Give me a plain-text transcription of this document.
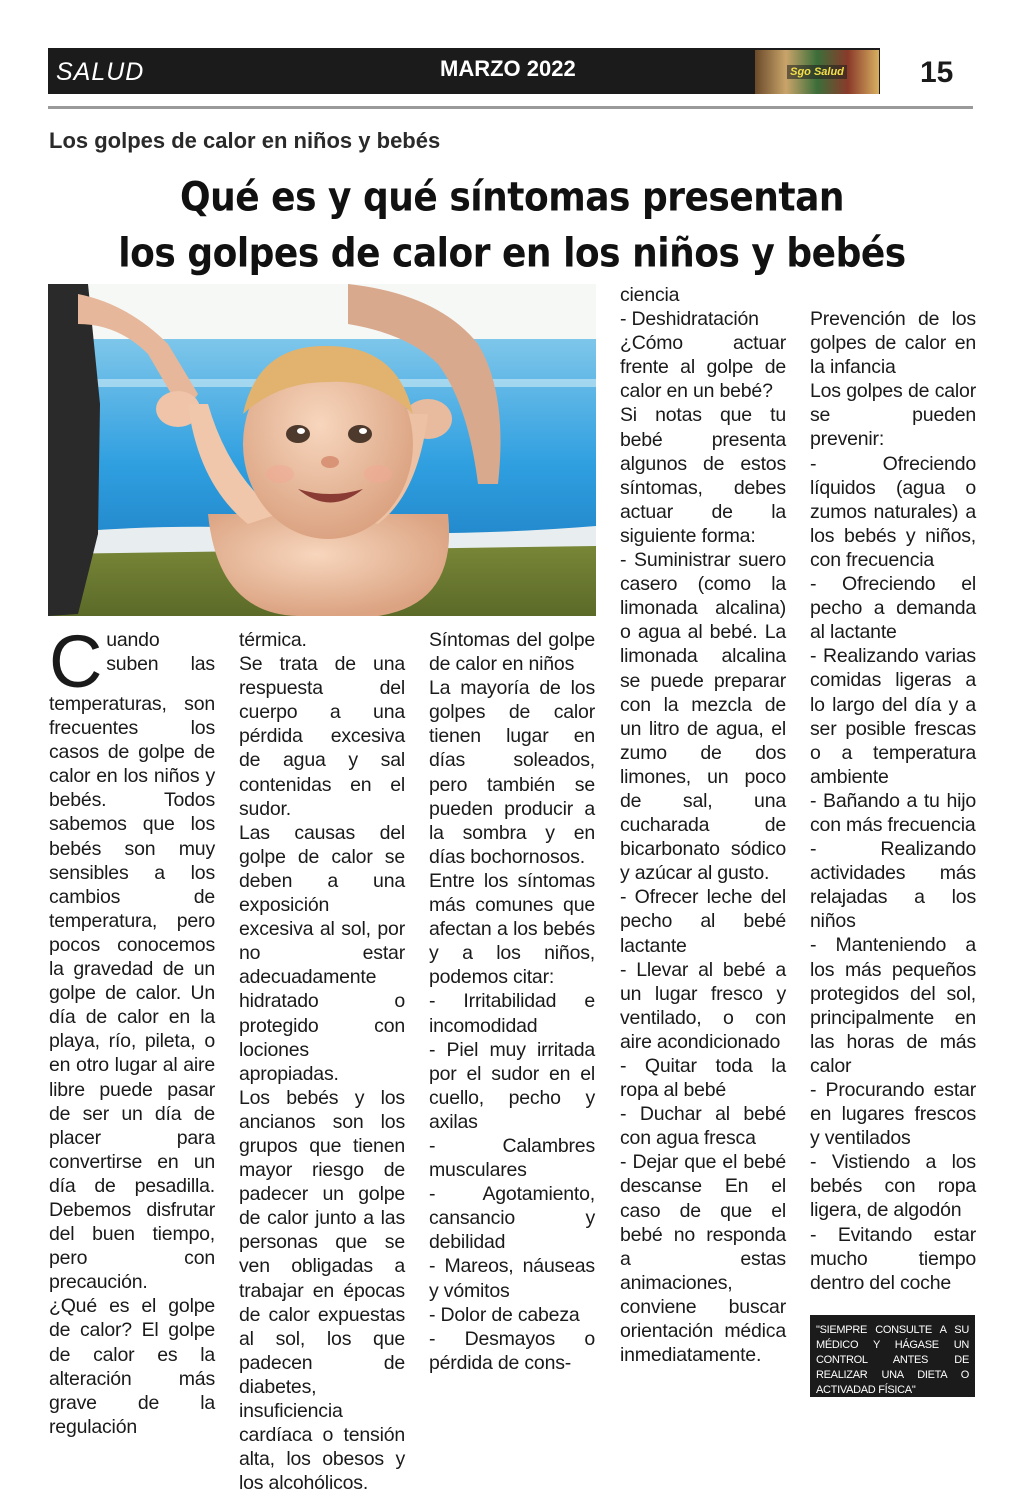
SALUD	MARZO 2022	Sgo Salud	15
Los golpes de calor en niños y bebés
Qué es y qué síntomas presentan
los golpes de calor en los niños y bebés
C uando suben las temperaturas, son frecuentes los casos de golpe de calor en los niños y bebés. Todos sabemos que los bebés son muy sensibles a los cambios de temperatura, pero pocos conocemos la gravedad de un golpe de calor. Un día de calor en la playa, río, pileta, o en otro lugar al aire libre puede pasar de ser un día de placer para convertirse en un día de pesadilla. Debemos disfrutar del buen tiempo, pero con precaución.

¿Qué es el golpe de calor? El golpe de calor es la alteración más grave de la regulación

térmica.

Se trata de una respuesta del cuerpo a una pérdida excesiva de agua y sal contenidas en el sudor.

Las causas del golpe de calor se deben a una exposición excesiva al sol, por no estar adecuadamente hidratado o protegido con lociones apropiadas.

Los bebés y los ancianos son los grupos que tienen mayor riesgo de padecer un golpe de calor junto a las personas que se ven obligadas a trabajar en épocas de calor expuestas al sol, los que padecen de diabetes, insuficiencia cardíaca o tensión alta, los obesos y los alcohólicos.

Síntomas del golpe de calor en niños

La mayoría de los golpes de calor tienen lugar en días soleados, pero también se pueden producir a la sombra y en días bochornosos.

Entre los síntomas más comunes que afectan a los bebés y a los niños, podemos citar:

- Irritabilidad e incomodidad

- Piel muy irritada por el sudor en el cuello, pecho y axilas

- Calambres musculares

- Agotamiento, cansancio y debilidad

- Mareos, náuseas y vómitos

- Dolor de cabeza

- Desmayos o pérdida de cons-

ciencia

- Deshidratación

¿Cómo actuar frente al golpe de calor en un bebé?

Si notas que tu bebé presenta algunos de estos síntomas, debes actuar de la siguiente forma:

- Suministrar suero casero (como la limonada alcalina) o agua al bebé. La limonada alcalina se puede preparar con la mezcla de un litro de agua, el zumo de dos limones, un poco de sal, una cucharada de bicarbonato sódico y azúcar al gusto.

- Ofrecer leche del pecho al bebé lactante

- Llevar al bebé a un lugar fresco y ventilado, o con aire acondicionado

- Quitar toda la ropa al bebé

- Duchar al bebé con agua fresca

- Dejar que el bebé descanse En el caso de que el bebé no responda a estas animaciones, conviene buscar orientación médica inmediatamente.

Prevención de los golpes de calor en la infancia

Los golpes de calor se pueden prevenir:

- Ofreciendo líquidos (agua o zumos naturales) a los bebés y niños, con frecuencia

- Ofreciendo el pecho a demanda al lactante

- Realizando varias comidas ligeras a lo largo del día y a ser posible frescas o a temperatura ambiente

- Bañando a tu hijo con más frecuencia

- Realizando actividades más relajadas a los niños

- Manteniendo a los más pequeños protegidos del sol, principalmente en las horas de más calor

- Procurando estar en lugares frescos y ventilados

- Vistiendo a los bebés con ropa ligera, de algodón

- Evitando estar mucho tiempo dentro del coche

"SIEMPRE CONSULTE A SU MÉDICO Y HÁGASE UN CONTROL ANTES DE REALIZAR UNA DIETA O ACTIVADAD FÍSICA"
